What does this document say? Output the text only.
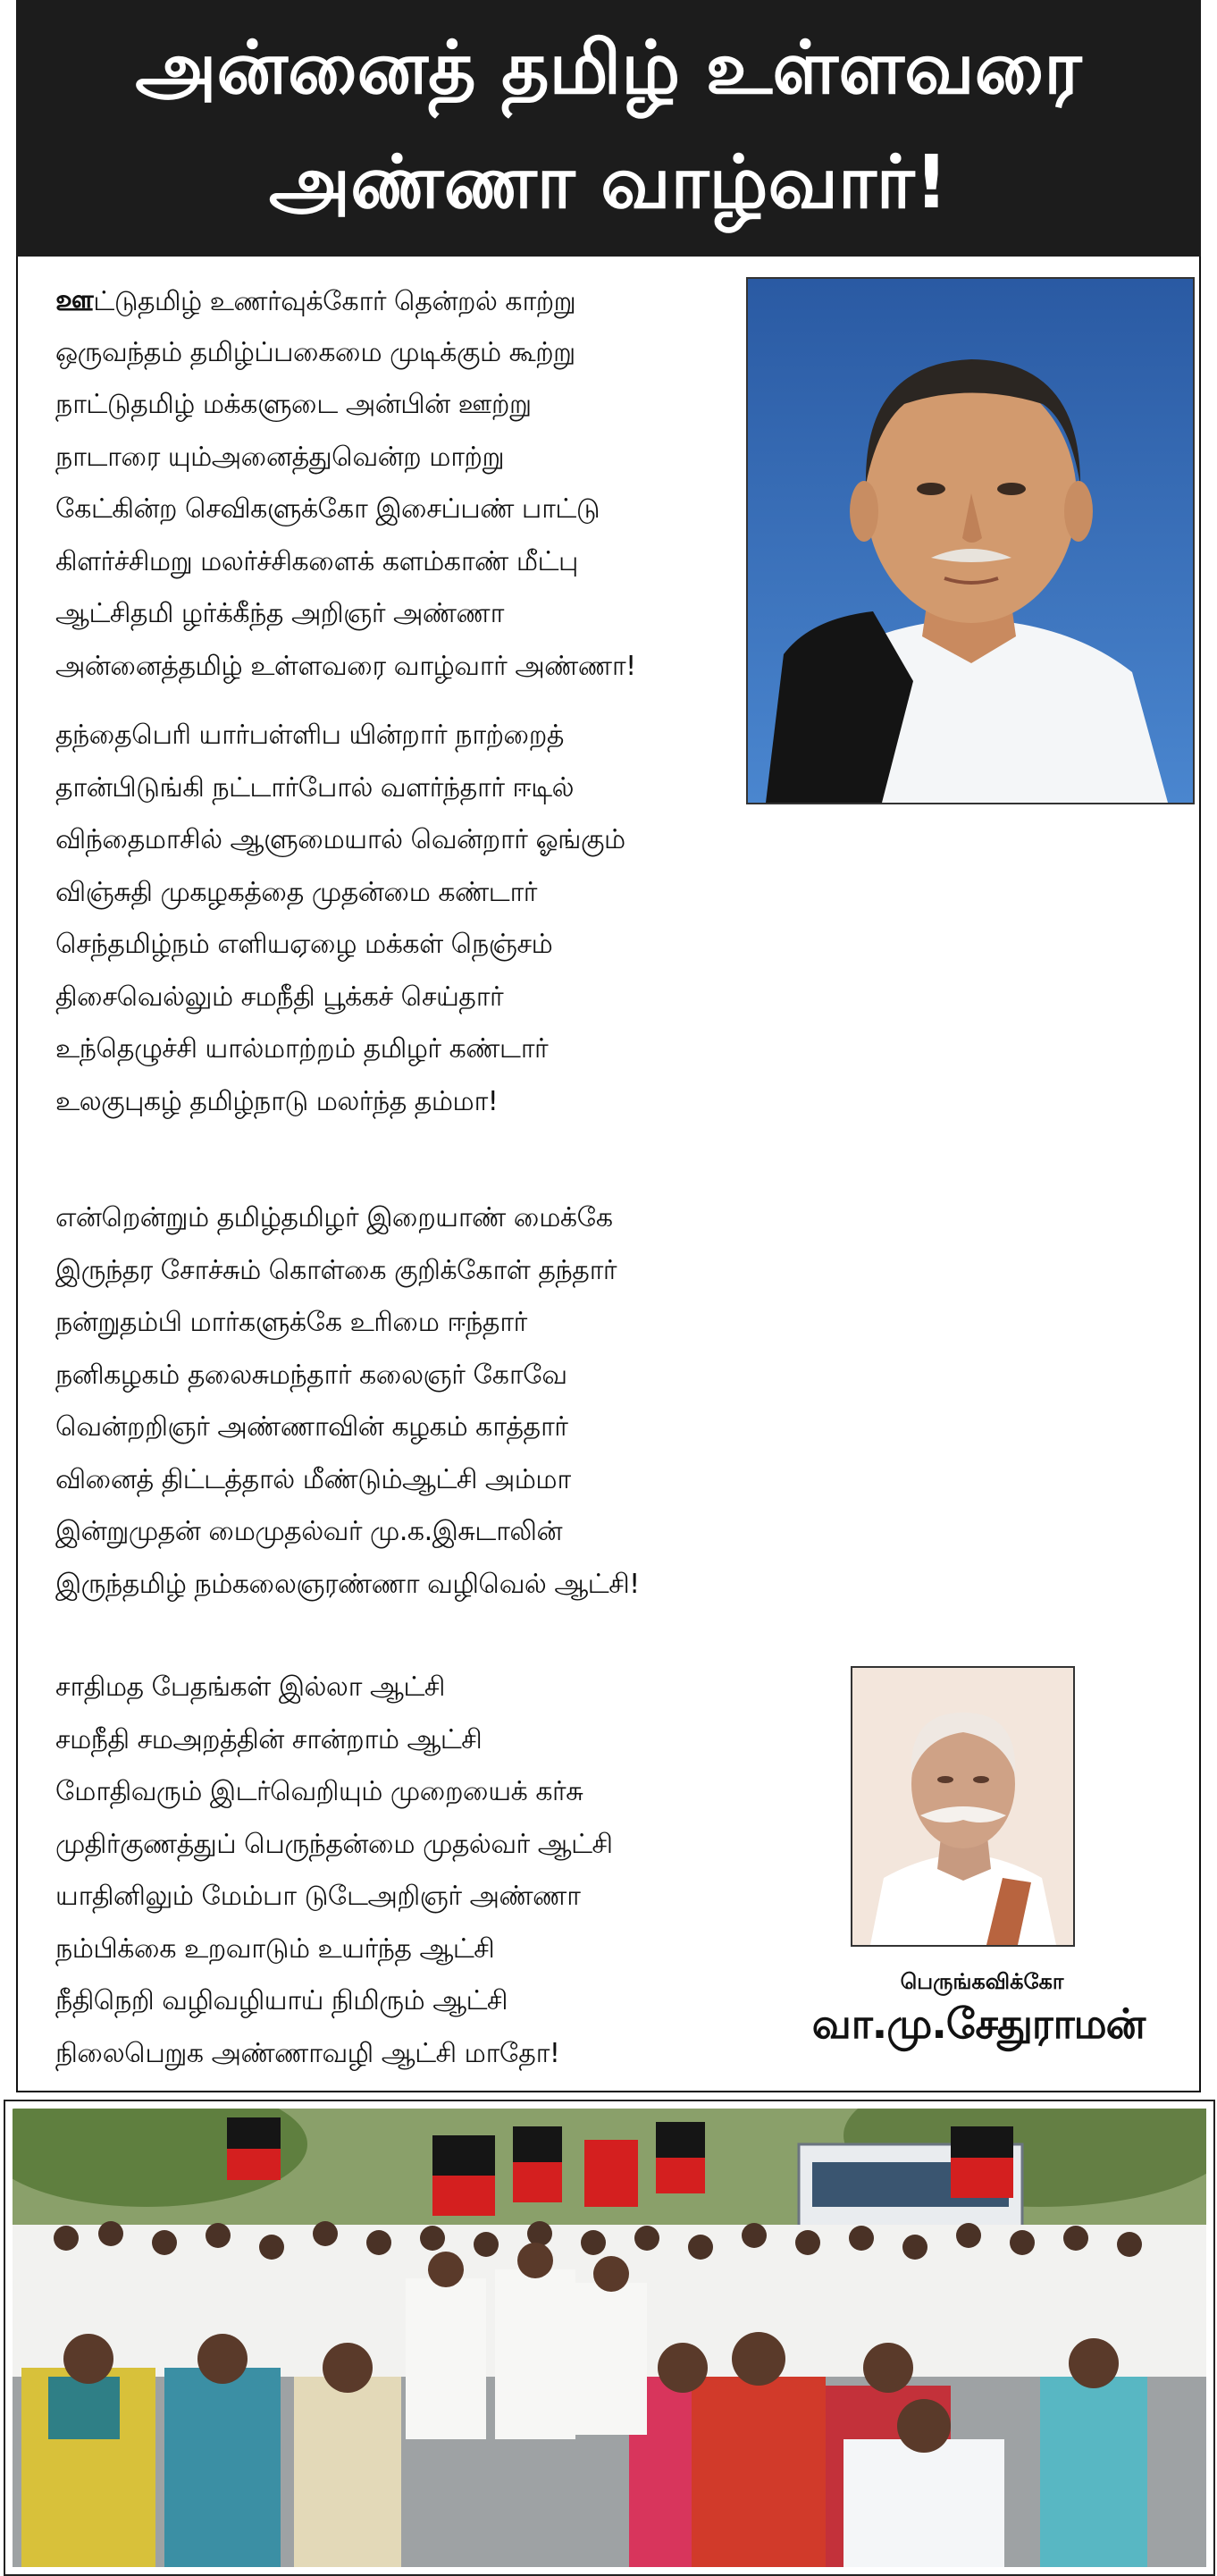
அன்னைத் தமிழ் உள்ளவரை
அண்ணா வாழ்வார்!
ஊட்டுதமிழ் உணர்வுக்கோர் தென்றல் காற்று
ஒருவந்தம் தமிழ்ப்பகைமை முடிக்கும் கூற்று
நாட்டுதமிழ் மக்களுடை அன்பின் ஊற்று
நாடாரை யும்அனைத்துவென்ற மாற்று
கேட்கின்ற செவிகளுக்கோ இசைப்பண் பாட்டு
கிளர்ச்சிமறு மலர்ச்சிகளைக் களம்காண் மீட்பு
ஆட்சிதமி ழர்க்கீந்த அறிஞர் அண்ணா
அன்னைத்தமிழ் உள்ளவரை வாழ்வார் அண்ணா!
தந்தைபெரி யார்பள்ளிப யின்றார் நாற்றைத்
தான்பிடுங்கி நட்டார்போல் வளர்ந்தார் ஈடில்
விந்தைமாசில் ஆளுமையால் வென்றார் ஓங்கும்
விஞ்சுதி முகழகத்தை முதன்மை கண்டார்
செந்தமிழ்நம் எளியஏழை மக்கள் நெஞ்சம்
திசைவெல்லும் சமநீதி பூக்கச் செய்தார்
உந்தெழுச்சி யால்மாற்றம் தமிழர் கண்டார்
உலகுபுகழ் தமிழ்நாடு மலர்ந்த தம்மா!
என்றென்றும் தமிழ்தமிழர் இறையாண் மைக்கே
இருந்தர சோச்சும் கொள்கை குறிக்கோள் தந்தார்
நன்றுதம்பி மார்களுக்கே உரிமை ஈந்தார்
நனிகழகம் தலைசுமந்தார் கலைஞர் கோவே
வென்றறிஞர் அண்ணாவின் கழகம் காத்தார்
வினைத் திட்டத்தால் மீண்டும்ஆட்சி அம்மா
இன்றுமுதன் மைமுதல்வர் மு.க.இசுடாலின்
இருந்தமிழ் நம்கலைஞரண்ணா வழிவெல் ஆட்சி!
சாதிமத பேதங்கள் இல்லா ஆட்சி
சமநீதி சமஅறத்தின் சான்றாம் ஆட்சி
மோதிவரும் இடர்வெறியும் முறையைக் கர்சு
முதிர்குணத்துப் பெருந்தன்மை முதல்வர் ஆட்சி
யாதினிலும் மேம்பா டுடேஅறிஞர் அண்ணா
நம்பிக்கை உறவாடும் உயர்ந்த ஆட்சி
நீதிநெறி வழிவழியாய் நிமிரும் ஆட்சி
நிலைபெறுக அண்ணாவழி ஆட்சி மாதோ!
பெருங்கவிக்கோ
வா.மு.சேதுராமன்
